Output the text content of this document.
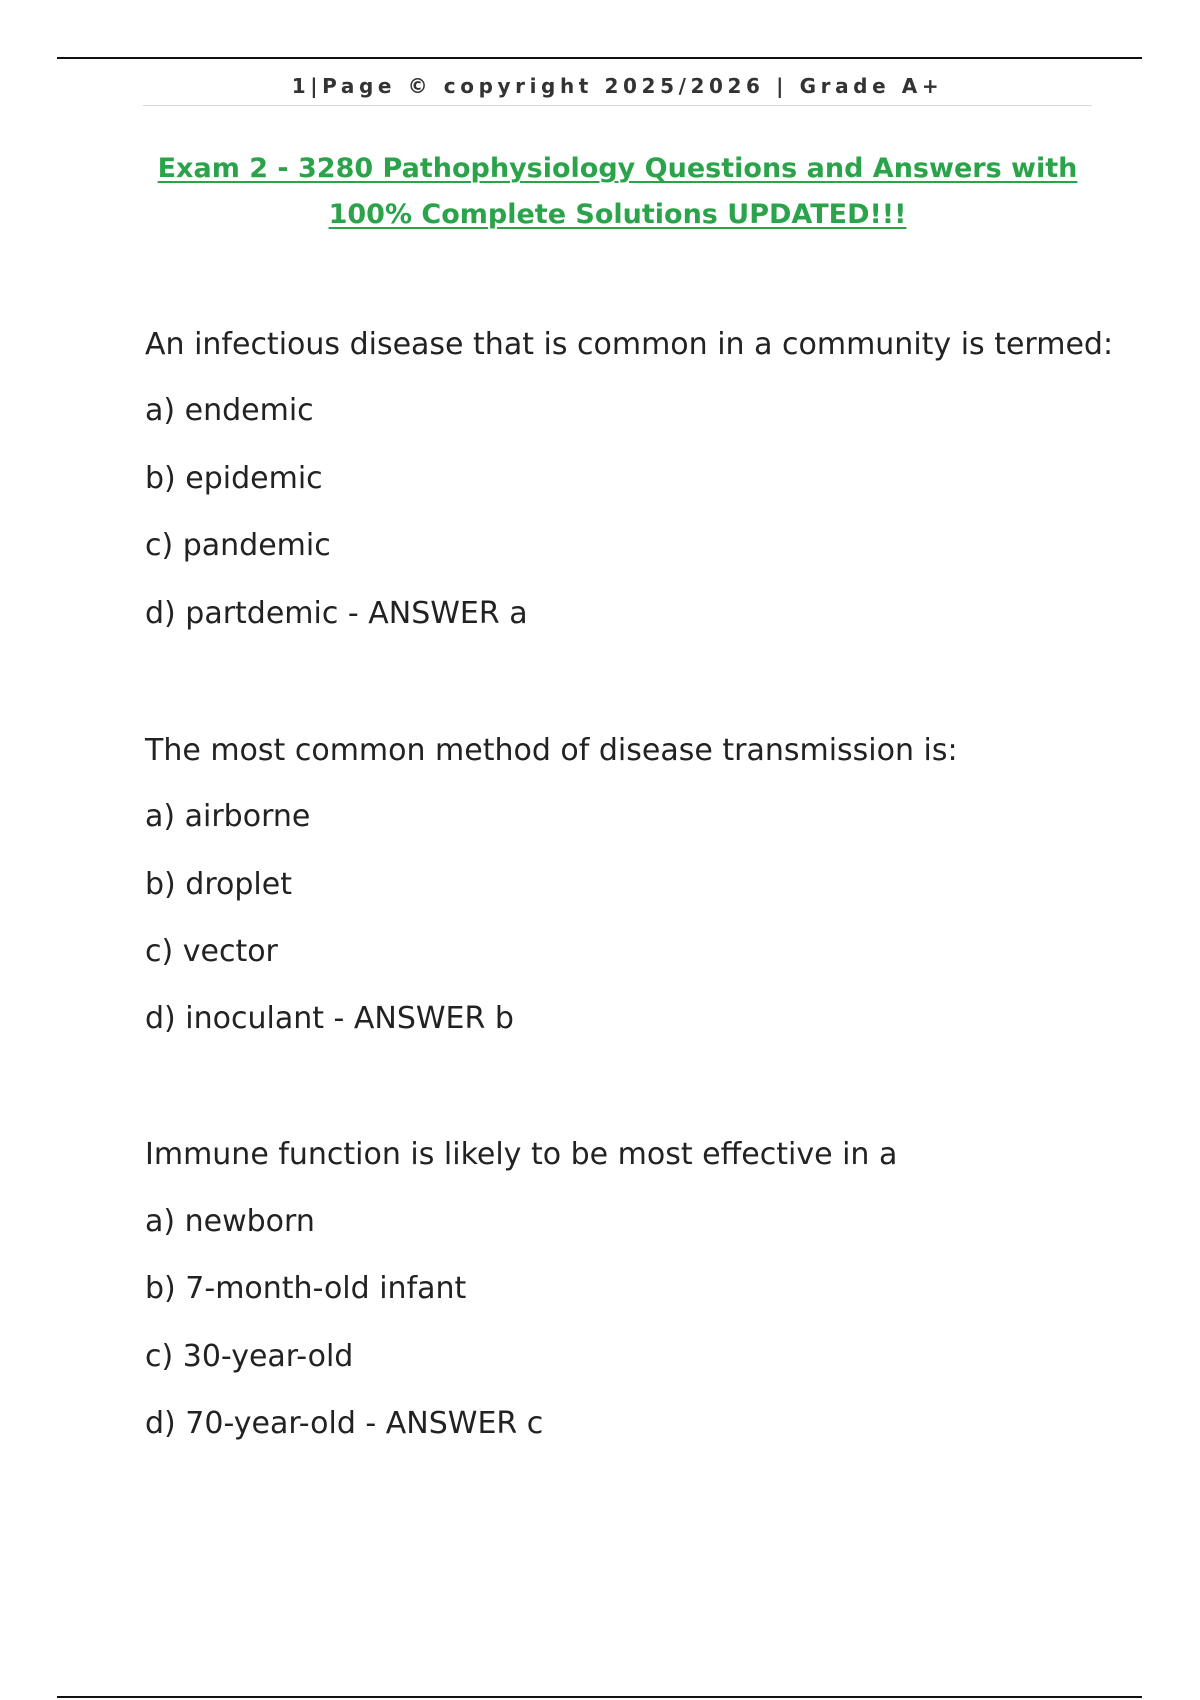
1|Page © copyright 2025/2026 | Grade A+
Exam 2 - 3280 Pathophysiology Questions and Answers with
100% Complete Solutions UPDATED!!!
An infectious disease that is common in a community is termed:
a) endemic
b) epidemic
c) pandemic
d) partdemic - ANSWER a
The most common method of disease transmission is:
a) airborne
b) droplet
c) vector
d) inoculant - ANSWER b
Immune function is likely to be most effective in a
a) newborn
b) 7-month-old infant
c) 30-year-old
d) 70-year-old - ANSWER c
